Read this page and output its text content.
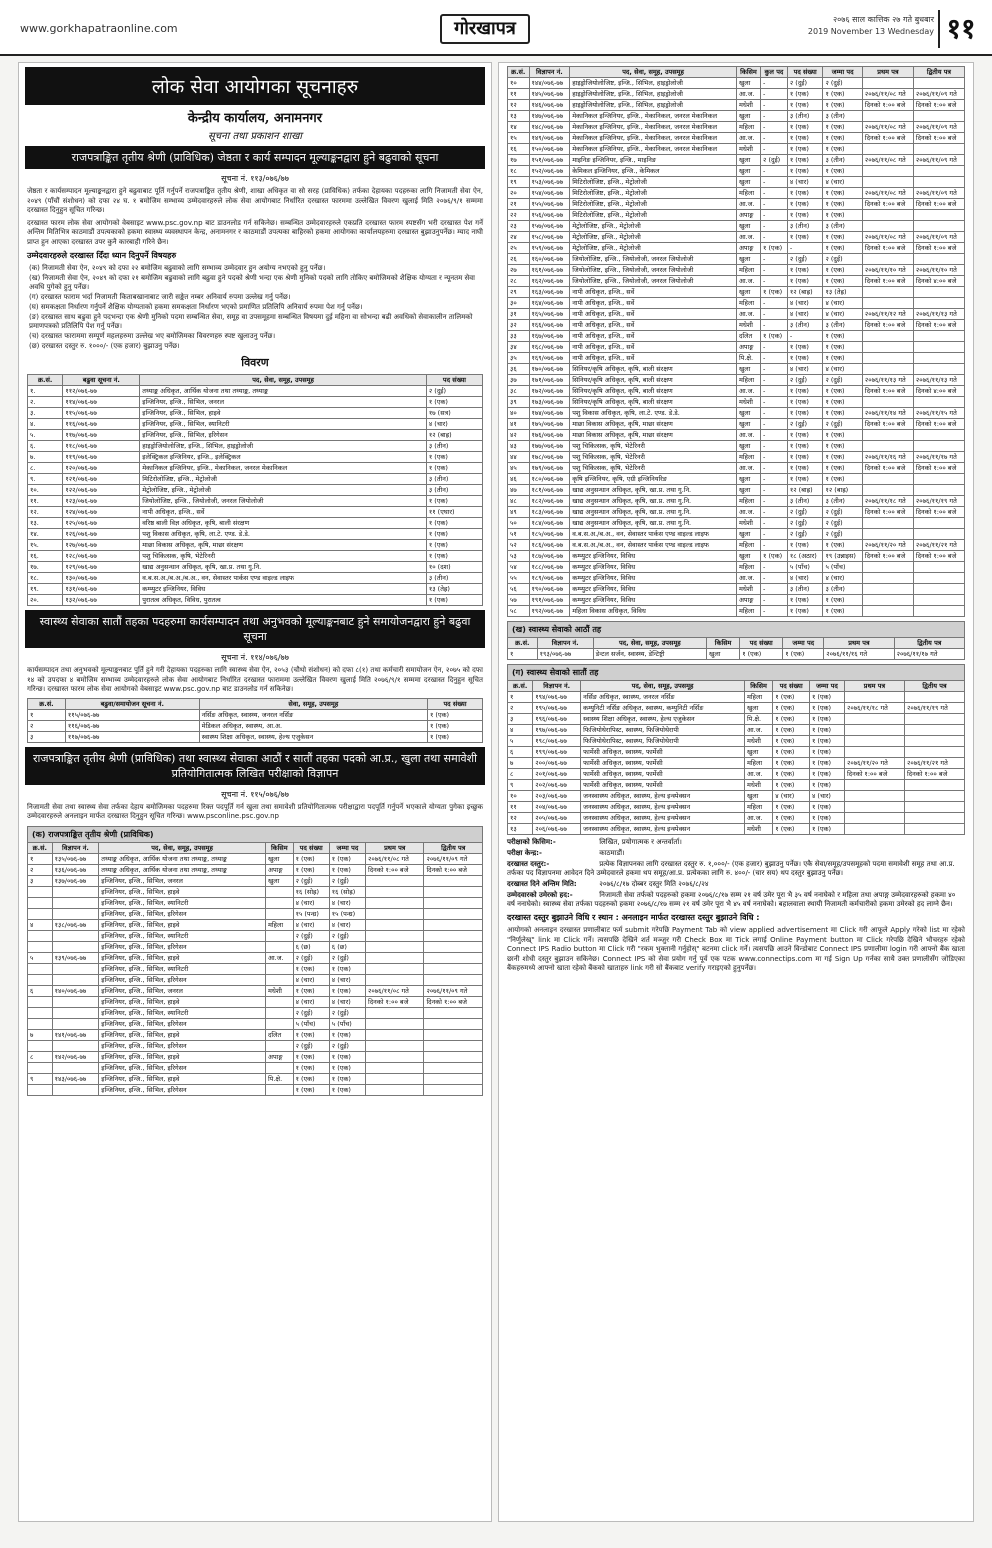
www.gorkhapatraonline.com	गोरखापत्र	२०७६ साल कात्तिक २७ गते बुधबार
2019 November 13 Wednesday ११
लोक सेवा आयोगका सूचनाहरु
केन्द्रीय कार्यालय, अनामनगर
सूचना तथा प्रकाशन शाखा
राजपत्राङ्कित तृतीय श्रेणी (प्राविधिक) जेष्ठता र कार्य सम्पादन मूल्याङ्कनद्वारा हुने बढुवाको सूचना
सूचना नं. ११३/०७६/७७
जेष्ठता र कार्यसम्पादन मूल्याङ्कनद्वारा हुने बढुवाबाट पूर्ति गर्नुपर्ने राजपत्राङ्कित तृतीय श्रेणी, शाखा अधिकृत वा सो सरह (प्राविधिक) तर्फका देहायका पदहरुका लागि निजामती सेवा ऐन, २०४९ (पाँचौं संशोधन) को दफा २४ घ. १ बमोजिम सम्भाव्य उम्मेदवारहरुले लोक सेवा आयोगबाट निर्धारित दरखास्त फारममा उल्लेखित विवरण खुलाई मिति २०७६/९/१ सम्ममा दरखास्त दिनुहुन सूचित गरिन्छ।
दरखास्त फारम लोक सेवा आयोगको वेबसाइट www.psc.gov.np बाट डाउनलोड गर्न सकिनेछ। सम्बन्धित उम्मेदवारहरुले एकप्रति दरखास्त फारम स्पष्टसँग भरी दरखास्त पेश गर्ने अन्तिम मितिभित्र काठमाडौं उपत्यकाको हकमा स्वास्थ्य व्यवस्थापन केन्द्र, अनामनगर र काठमाडौं उपत्यका बाहिरको हकमा आयोगका कार्यालयहरुमा दरखास्त बुझाउनुपर्नेछ। म्याद नाघी प्राप्त हुन आएका दरखास्त उपर कुनै कारबाही गरिने छैन।
उम्मेदवारहरुले दरखास्त दिँदा ध्यान दिनुपर्ने विषयहरु
(क) निजामती सेवा ऐन, २०४९ को दफा २२ बमोजिम बढुवाको लागि सम्भाव्य उम्मेदवार हुन अयोग्य नभएको हुनु पर्नेछ।
(ख) निजामती सेवा ऐन, २०४९ को दफा २१ बमोजिम बढुवाको लागि बढुवा हुने पदको श्रेणी भन्दा एक श्रेणी मुनिको पदको लागि तोकिए बमोजिमको शैक्षिक योग्यता र न्यूनतम सेवा अवधि पुगेको हुनु पर्नेछ।
(ग) दरखास्त फाराम भर्दा निजामती किताबखानाबाट जारी सङ्केत नम्बर अनिवार्य रुपमा उल्लेख गर्नु पर्नेछ।
(घ) समकक्षता निर्धारण गर्नुपर्ने शैक्षिक योग्यताको हकमा समकक्षता निर्धारण भएको प्रमाणित प्रतिलिपि अनिवार्य रुपमा पेश गर्नु पर्नेछ।
(ङ) दरखास्त साथ बढुवा हुने पदभन्दा एक श्रेणी मुनिको पदमा सम्बन्धित सेवा, समूह वा उपसमूहमा सम्बन्धित विषयमा दुई महिना वा सोभन्दा बढी अवधिको सेवाकालीन तालिमको प्रमाणपत्रको प्रतिलिपि पेश गर्नु पर्नेछ।
(च) दरखास्त फाराममा सम्पूर्ण महलहरुमा उल्लेख भए बमोजिमका विवरणहरु स्पष्ट खुलाउनु पर्नेछ।
(छ) दरखास्त दस्तुर रु. १०००/- (एक हजार) बुझाउनु पर्नेछ।
विवरण
क्र.सं.	बढुवा सूचना नं.	पद, सेवा, समूह, उपसमूह	पद संख्या
१.	११२/०७६-७७	तथ्याङ्क अधिकृत, आर्थिक योजना तथा तथ्याङ्क, तथ्याङ्क	२ (दुई)
२.	११४/०७६-७७	इन्जिनियर, इन्जि., सिभिल, जनरल	१ (एक)
३.	११५/०७६-७७	इन्जिनियर, इन्जि., सिभिल, हाइवे	१७ (सत्र)
४.	११६/०७६-७७	इन्जिनियर, इन्जि., सिभिल, स्यानिटरी	४ (चार)
५.	११७/०७६-७७	इन्जिनियर, इन्जि., सिभिल, इरिगेसन	१२ (बाह्र)
६.	११८/०७६-७७	हाइड्रोजियोलोजिष्ट, इन्जि., सिभिल, हाइड्रोलोजी	३ (तीन)
७.	११९/०७६-७७	इलेक्ट्रिकल इन्जिनियर, इन्जि., इलेक्ट्रिकल	१ (एक)
८.	१२०/०७६-७७	मेकानिकल इन्जिनियर, इन्जि., मेकानिकल, जनरल मेकानिकल	१ (एक)
९.	१२१/०७६-७७	मिटिरोलोजिष्ट, इन्जि., मेट्रोलोजी	३ (तीन)
१०.	१२२/०७६-७७	मेट्रोलोजिष्ट, इन्जि., मेट्रोलोजी	३ (तीन)
११.	१२३/०७६-७७	जियोलोजिष्ट, इन्जि., जियोलोजी, जनरल जियोलोजी	१ (एक)
१२.	१२४/०७६-७७	नापी अधिकृत, इन्जि., सर्वे	११ (एघार)
१३.	१२५/०७६-७७	वरिष्ठ बाली विज्ञ अधिकृत, कृषि, बाली संरक्षण	१ (एक)
१४.	१२६/०७६-७७	पशु विकास अधिकृत, कृषि, ला.टे. एण्ड. डे.डे.	१ (एक)
१५.	१२७/०७६-७७	माछा विकास अधिकृत, कृषि, माछा संरक्षण	१ (एक)
१६.	१२८/०७६-७७	पशु चिकित्सक, कृषि, भेटेरिनरी	१ (एक)
१७.	१२९/०७६-७७	खाद्य अनुसन्धान अधिकृत, कृषि, खा.प्र. तथा गु.नि.	१० (दश)
१८.	१३०/०७६-७७	व.ब.स.अ./ब.अ./ब.अ., वन, सेवास्तर पार्कस एण्ड वाइल्ड लाइफ	३ (तीन)
१९.	१३१/०७६-७७	कम्प्युटर इन्जिनियर, विविध	१३ (तेह्र)
२०.	१३२/०७६-७७	पुरातत्व अधिकृत, विविध, पुरातत्व	१ (एक)
स्वास्थ्य सेवाका सातौं तहका पदहरुमा कार्यसम्पादन तथा अनुभवको मूल्याङ्कनबाट हुने समायोजनद्वारा हुने बढुवा सूचना
सूचना नं. ११४/०७६/७७
कार्यसम्पादन तथा अनुभवको मूल्याङ्कनबाट पूर्ति हुने गरी देहायका पदहरुका लागि स्वास्थ्य सेवा ऐन, २०५३ (चौथो संशोधन) को दफा ८(१) तथा कर्मचारी समायोजन ऐन, २०७५ को दफा १४ को उपदफा ४ बमोजिम सम्भाव्य उम्मेदवारहरुले लोक सेवा आयोगबाट निर्धारित दरखास्त फाराममा उल्लेखित विवरण खुलाई मिति २०७६/९/१ सम्ममा दरखास्त दिनुहुन सूचित गरिन्छ। दरखास्त फारम लोक सेवा आयोगको वेबसाइट www.psc.gov.np बाट डाउनलोड गर्न सकिनेछ।
क्र.सं.	बढुवा/समायोजन सूचना नं.	सेवा, समूह, उपसमूह	पद संख्या
१	११५/०७६-७७	नर्सिङ अधिकृत, स्वास्थ्य, जनरल नर्सिङ	१ (एक)
२	११६/०७६-७७	मेडिकल अधिकृत, स्वास्थ्य, आ.अ.	१ (एक)
३	११७/०७६-७७	स्वास्थ्य शिक्षा अधिकृत, स्वास्थ्य, हेल्थ एजुकेसन	१ (एक)
राजपत्राङ्कित तृतीय श्रेणी (प्राविधिक) तथा स्वास्थ्य सेवाका आठौं र सातौं तहका पदको आ.प्र., खुला तथा समावेशी प्रतियोगितात्मक लिखित परीक्षाको विज्ञापन
सूचना नं. ११५/०७६/७७
निजामती सेवा तथा स्वास्थ्य सेवा तर्फका देहाय बमोजिमका पदहरुमा रिक्त पदपूर्ति गर्न खुला तथा समावेशी प्रतियोगितात्मक परीक्षाद्वारा पदपूर्ति गर्नुपर्ने भएकाले योग्यता पुगेका इच्छुक उम्मेदवारहरुले अनलाइन मार्फत दरखास्त दिनुहुन सूचित गरिन्छ। www.psconline.psc.gov.np
(क) राजपत्राङ्कित तृतीय श्रेणी (प्राविधिक)
क्र.सं.	विज्ञापन नं.	पद, सेवा, समूह, उपसमूह	किसिम	पद संख्या	जम्मा पद	प्रथम पत्र	द्वितीय पत्र
१	१३५/०७६-७७	तथ्याङ्क अधिकृत, आर्थिक योजना तथा तथ्याङ्क, तथ्याङ्क	खुला	१ (एक)	१ (एक)	२०७६/११/०८ गते	२०७६/११/०९ गते
२	१३६/०७६-७७	तथ्याङ्क अधिकृत, आर्थिक योजना तथा तथ्याङ्क, तथ्याङ्क	अपाङ्ग	१ (एक)	१ (एक)	दिनको १:०० बजे	दिनको १:०० बजे
३	१३७/०७६-७७	इन्जिनियर, इन्जि., सिभिल, जनरल	खुला	२ (दुई)	२ (दुई)		
		इन्जिनियर, इन्जि., सिभिल, हाइवे		१६ (सोह्र)	१६ (सोह्र)		
		इन्जिनियर, इन्जि., सिभिल, स्यानिटरी		४ (चार)	४ (चार)		
		इन्जिनियर, इन्जि., सिभिल, इरिगेसन		१५ (पन्ध्र)	१५ (पन्ध्र)		
४	१३८/०७६-७७	इन्जिनियर, इन्जि., सिभिल, हाइवे	महिला	४ (चार)	४ (चार)		
		इन्जिनियर, इन्जि., सिभिल, स्यानिटरी		२ (दुई)	२ (दुई)		
		इन्जिनियर, इन्जि., सिभिल, इरिगेसन		६ (छ)	६ (छ)		
५	१३९/०७६-७७	इन्जिनियर, इन्जि., सिभिल, हाइवे	आ.ज.	२ (दुई)	२ (दुई)		
		इन्जिनियर, इन्जि., सिभिल, स्यानिटरी		१ (एक)	१ (एक)		
		इन्जिनियर, इन्जि., सिभिल, इरिगेसन		४ (चार)	४ (चार)		
६	१४०/०७६-७७	इन्जिनियर, इन्जि., सिभिल, जनरल	मधेशी	१ (एक)	१ (एक)	२०७६/११/०८ गते	२०७६/११/०९ गते
		इन्जिनियर, इन्जि., सिभिल, हाइवे		४ (चार)	४ (चार)	दिनको १:०० बजे	दिनको १:०० बजे
		इन्जिनियर, इन्जि., सिभिल, स्यानिटरी		२ (दुई)	२ (दुई)		
		इन्जिनियर, इन्जि., सिभिल, इरिगेसन		५ (पाँच)	५ (पाँच)		
७	१४१/०७६-७७	इन्जिनियर, इन्जि., सिभिल, हाइवे	दलित	१ (एक)	१ (एक)		
		इन्जिनियर, इन्जि., सिभिल, इरिगेसन		२ (दुई)	२ (दुई)		
८	१४२/०७६-७७	इन्जिनियर, इन्जि., सिभिल, हाइवे	अपाङ्ग	१ (एक)	१ (एक)		
		इन्जिनियर, इन्जि., सिभिल, इरिगेसन		१ (एक)	१ (एक)		
९	१४३/०७६-७७	इन्जिनियर, इन्जि., सिभिल, हाइवे	पि.क्षे.	१ (एक)	१ (एक)		
		इन्जिनियर, इन्जि., सिभिल, इरिगेसन		१ (एक)	१ (एक)		
क्र.सं.	विज्ञापन नं.	पद, सेवा, समूह, उपसमूह	किसिम	कुल पद	पद संख्या	जम्मा पद	प्रथम पत्र	द्वितीय पत्र
१०	१४४/०७६-७७	हाइड्रोजियोलोजिष्ट, इन्जि., सिभिल, हाइड्रोलोजी	खुला	-	२ (दुई)	२ (दुई)		
११	१४५/०७६-७७	हाइड्रोजियोलोजिष्ट, इन्जि., सिभिल, हाइड्रोलोजी	आ.ज.	-	१ (एक)	१ (एक)	२०७६/११/०८ गते	२०७६/११/०९ गते
१२	१४६/०७६-७७	हाइड्रोजियोलोजिष्ट, इन्जि., सिभिल, हाइड्रोलोजी	मधेशी	-	१ (एक)	१ (एक)	दिनको १:०० बजे	दिनको १:०० बजे
१३	१४७/०७६-७७	मेकानिकल इन्जिनियर, इन्जि., मेकानिकल, जनरल मेकानिकल	खुला	-	३ (तीन)	३ (तीन)		
१४	१४८/०७६-७७	मेकानिकल इन्जिनियर, इन्जि., मेकानिकल, जनरल मेकानिकल	महिला	-	१ (एक)	१ (एक)	२०७६/११/०८ गते	२०७६/११/०९ गते
१५	१४९/०७६-७७	मेकानिकल इन्जिनियर, इन्जि., मेकानिकल, जनरल मेकानिकल	आ.ज.	-	१ (एक)	१ (एक)	दिनको १:०० बजे	दिनको १:०० बजे
१६	१५०/०७६-७७	मेकानिकल इन्जिनियर, इन्जि., मेकानिकल, जनरल मेकानिकल	मधेशी	-	१ (एक)	१ (एक)		
१७	१५१/०७६-७७	माइनिङ इन्जिनियर, इन्जि., माइनिङ	खुला	२ (दुई)	१ (एक)	३ (तीन)	२०७६/११/०८ गते	२०७६/११/०९ गते
१८	१५२/०७६-७७	केमिकल इन्जिनियर, इन्जि., केमिकल	खुला	-	१ (एक)	१ (एक)		
१९	१५३/०७६-७७	मिटिरोलोजिष्ट, इन्जि., मेट्रोलोजी	खुला	-	४ (चार)	४ (चार)		
२०	१५४/०७६-७७	मिटिरोलोजिष्ट, इन्जि., मेट्रोलोजी	महिला	-	१ (एक)	१ (एक)	२०७६/११/०८ गते	२०७६/११/०९ गते
२१	१५५/०७६-७७	मिटिरोलोजिष्ट, इन्जि., मेट्रोलोजी	आ.ज.	-	१ (एक)	१ (एक)	दिनको १:०० बजे	दिनको १:०० बजे
२२	१५६/०७६-७७	मिटिरोलोजिष्ट, इन्जि., मेट्रोलोजी	अपाङ्ग	-	१ (एक)	१ (एक)		
२३	१५७/०७६-७७	मेट्रोलोजिष्ट, इन्जि., मेट्रोलोजी	खुला	-	३ (तीन)	३ (तीन)		
२४	१५८/०७६-७७	मेट्रोलोजिष्ट, इन्जि., मेट्रोलोजी	आ.ज.	-	१ (एक)	१ (एक)	२०७६/११/०८ गते	२०७६/११/०९ गते
२५	१५९/०७६-७७	मेट्रोलोजिष्ट, इन्जि., मेट्रोलोजी	अपाङ्ग	१ (एक)	-	१ (एक)	दिनको १:०० बजे	दिनको १:०० बजे
२६	१६०/०७६-७७	जियोलोजिष्ट, इन्जि., जियोलोजी, जनरल जियोलोजी	खुला	-	२ (दुई)	२ (दुई)		
२७	१६१/०७६-७७	जियोलोजिष्ट, इन्जि., जियोलोजी, जनरल जियोलोजी	महिला	-	१ (एक)	१ (एक)	२०७६/११/१० गते	२०७६/११/१० गते
२८	१६२/०७६-७७	जियोलोजिष्ट, इन्जि., जियोलोजी, जनरल जियोलोजी	आ.ज.	-	१ (एक)	१ (एक)	दिनको १:०० बजे	दिनको ४:०० बजे
२९	१६३/०७६-७७	नापी अधिकृत, इन्जि., सर्वे	खुला	१ (एक)	१२ (बाह्र)	१३ (तेह्र)		
३०	१६४/०७६-७७	नापी अधिकृत, इन्जि., सर्वे	महिला	-	४ (चार)	४ (चार)		
३१	१६५/०७६-७७	नापी अधिकृत, इन्जि., सर्वे	आ.ज.	-	४ (चार)	४ (चार)	२०७६/११/१२ गते	२०७६/११/१३ गते
३२	१६६/०७६-७७	नापी अधिकृत, इन्जि., सर्वे	मधेशी	-	३ (तीन)	३ (तीन)	दिनको १:०० बजे	दिनको १:०० बजे
३३	१६७/०७६-७७	नापी अधिकृत, इन्जि., सर्वे	दलित	१ (एक)	-	१ (एक)		
३४	१६८/०७६-७७	नापी अधिकृत, इन्जि., सर्वे	अपाङ्ग	-	१ (एक)	१ (एक)		
३५	१६९/०७६-७७	नापी अधिकृत, इन्जि., सर्वे	पि.क्षे.	-	१ (एक)	१ (एक)		
३६	१७०/०७६-७७	सिनियर/कृषि अधिकृत, कृषि, बाली संरक्षण	खुला	-	४ (चार)	४ (चार)		
३७	१७१/०७६-७७	सिनियर/कृषि अधिकृत, कृषि, बाली संरक्षण	महिला	-	२ (दुई)	२ (दुई)	२०७६/११/१३ गते	२०७६/११/१३ गते
३८	१७२/०७६-७७	सिनियर/कृषि अधिकृत, कृषि, बाली संरक्षण	आ.ज.	-	१ (एक)	१ (एक)	दिनको १:०० बजे	दिनको ४:०० बजे
३९	१७३/०७६-७७	सिनियर/कृषि अधिकृत, कृषि, बाली संरक्षण	मधेशी	-	१ (एक)	१ (एक)		
४०	१७४/०७६-७७	पशु विकास अधिकृत, कृषि, ला.टे. एण्ड. डे.डे.	खुला	-	१ (एक)	१ (एक)	२०७६/११/१४ गते	२०७६/११/१५ गते
४१	१७५/०७६-७७	माछा विकास अधिकृत, कृषि, माछा संरक्षण	खुला	-	२ (दुई)	२ (दुई)	दिनको १:०० बजे	दिनको १:०० बजे
४२	१७६/०७६-७७	माछा विकास अधिकृत, कृषि, माछा संरक्षण	आ.ज.	-	१ (एक)	१ (एक)		
४३	१७७/०७६-७७	पशु चिकित्सक, कृषि, भेटेरिनरी	खुला	-	१ (एक)	१ (एक)		
४४	१७८/०७६-७७	पशु चिकित्सक, कृषि, भेटेरिनरी	महिला	-	१ (एक)	१ (एक)	२०७६/११/१६ गते	२०७६/११/१७ गते
४५	१७९/०७६-७७	पशु चिकित्सक, कृषि, भेटेरिनरी	आ.ज.	-	१ (एक)	१ (एक)	दिनको १:०० बजे	दिनको १:०० बजे
४६	१८०/०७६-७७	कृषि इन्जिनियर, कृषि, एग्री इन्जिनियरिङ	खुला	-	१ (एक)	१ (एक)		
४७	१८१/०७६-७७	खाद्य अनुसन्धान अधिकृत, कृषि, खा.प्र. तथा गु.नि.	खुला	-	१२ (बाह्र)	१२ (बाह्र)		
४८	१८२/०७६-७७	खाद्य अनुसन्धान अधिकृत, कृषि, खा.प्र. तथा गु.नि.	महिला	-	३ (तीन)	३ (तीन)	२०७६/११/१८ गते	२०७६/११/१९ गते
४९	१८३/०७६-७७	खाद्य अनुसन्धान अधिकृत, कृषि, खा.प्र. तथा गु.नि.	आ.ज.	-	२ (दुई)	२ (दुई)	दिनको १:०० बजे	दिनको १:०० बजे
५०	१८४/०७६-७७	खाद्य अनुसन्धान अधिकृत, कृषि, खा.प्र. तथा गु.नि.	मधेशी	-	२ (दुई)	२ (दुई)		
५१	१८५/०७६-७७	व.ब.स.अ./ब.अ., वन, सेवास्तर पार्कस एण्ड वाइल्ड लाइफ	खुला	-	२ (दुई)	२ (दुई)		
५२	१८६/०७६-७७	व.ब.स.अ./ब.अ., वन, सेवास्तर पार्कस एण्ड वाइल्ड लाइफ	महिला	-	१ (एक)	१ (एक)	२०७६/११/२० गते	२०७६/११/२१ गते
५३	१८७/०७६-७७	कम्प्युटर इन्जिनियर, विविध	खुला	१ (एक)	१८ (अठार)	१९ (उन्नाइस)	दिनको १:०० बजे	दिनको १:०० बजे
५४	१८८/०७६-७७	कम्प्युटर इन्जिनियर, विविध	महिला	-	५ (पाँच)	५ (पाँच)		
५५	१८९/०७६-७७	कम्प्युटर इन्जिनियर, विविध	आ.ज.	-	४ (चार)	४ (चार)		
५६	१९०/०७६-७७	कम्प्युटर इन्जिनियर, विविध	मधेशी	-	३ (तीन)	३ (तीन)		
५७	१९१/०७६-७७	कम्प्युटर इन्जिनियर, विविध	अपाङ्ग	-	१ (एक)	१ (एक)		
५८	१९२/०७६-७७	महिला विकास अधिकृत, विविध	महिला	-	१ (एक)	१ (एक)		
(ख) स्वास्थ्य सेवाको आठौं तह
क्र.सं.	विज्ञापन नं.	पद, सेवा, समूह, उपसमूह	किसिम	पद संख्या	जम्मा पद	प्रथम पत्र	द्वितीय पत्र
१	१९३/०७६-७७	डेन्टल सर्जन, स्वास्थ्य, डेन्टिष्ट्री	खुला	१ (एक)	१ (एक)	२०७६/११/१६ गते	२०७६/११/१७ गते
(ग) स्वास्थ्य सेवाको सातौं तह
क्र.सं.	विज्ञापन नं.	पद, सेवा, समूह, उपसमूह	किसिम	पद संख्या	जम्मा पद	प्रथम पत्र	द्वितीय पत्र
१	१९४/०७६-७७	नर्सिङ अधिकृत, स्वास्थ्य, जनरल नर्सिङ	महिला	१ (एक)	१ (एक)		
२	१९५/०७६-७७	कम्युनिटी नर्सिङ अधिकृत, स्वास्थ्य, कम्युनिटी नर्सिङ	खुला	१ (एक)	१ (एक)	२०७६/११/१८ गते	२०७६/११/१९ गते
३	१९६/०७६-७७	स्वास्थ्य शिक्षा अधिकृत, स्वास्थ्य, हेल्थ एजुकेसन	पि.क्षे.	१ (एक)	१ (एक)		
४	१९७/०७६-७७	फिजियोथेरापिस्ट, स्वास्थ्य, फिजियोथेरापी	आ.ज.	१ (एक)	१ (एक)		
५	१९८/०७६-७७	फिजियोथेरापिस्ट, स्वास्थ्य, फिजियोथेरापी	मधेशी	१ (एक)	१ (एक)		
६	१९९/०७६-७७	फार्मेसी अधिकृत, स्वास्थ्य, फार्मेसी	खुला	१ (एक)	१ (एक)		
७	२००/०७६-७७	फार्मेसी अधिकृत, स्वास्थ्य, फार्मेसी	महिला	१ (एक)	१ (एक)	२०७६/११/२० गते	२०७६/११/२१ गते
८	२०१/०७६-७७	फार्मेसी अधिकृत, स्वास्थ्य, फार्मेसी	आ.ज.	१ (एक)	१ (एक)	दिनको १:०० बजे	दिनको १:०० बजे
९	२०२/०७६-७७	फार्मेसी अधिकृत, स्वास्थ्य, फार्मेसी	मधेशी	१ (एक)	१ (एक)		
१०	२०३/०७६-७७	जनस्वास्थ्य अधिकृत, स्वास्थ्य, हेल्थ इन्स्पेक्सन	खुला	४ (चार)	४ (चार)		
११	२०४/०७६-७७	जनस्वास्थ्य अधिकृत, स्वास्थ्य, हेल्थ इन्स्पेक्सन	महिला	१ (एक)	१ (एक)		
१२	२०५/०७६-७७	जनस्वास्थ्य अधिकृत, स्वास्थ्य, हेल्थ इन्स्पेक्सन	आ.ज.	१ (एक)	१ (एक)		
१३	२०६/०७६-७७	जनस्वास्थ्य अधिकृत, स्वास्थ्य, हेल्थ इन्स्पेक्सन	मधेशी	१ (एक)	१ (एक)		
परीक्षाको किसिम:-	लिखित, प्रयोगात्मक र अन्तर्वार्ता।
परीक्षा केन्द्र:-	काठमाडौं।
दरखास्त दस्तुर:-	प्रत्येक विज्ञापनका लागि दरखास्त दस्तुर रु. १,०००/- (एक हजार) बुझाउनु पर्नेछ। एकै सेवा/समूह/उपसमूहको पदमा समावेशी समूह तथा आ.प्र. तर्फका पद विज्ञापनमा आवेदन दिने उम्मेदवारले हकमा थप समूह/आ.प्र. प्रत्येकका लागि रु. ४००/- (चार सय) थप दस्तुर बुझाउनु पर्नेछ।
दरखास्त दिने अन्तिम मिति:	२०७६/८/१७ दोब्बर दस्तुर मिति २०७६/८/२४
उम्मेदवारको उमेरको हद:-	निजामती सेवा तर्फको पदहरुको हकमा २०७६/८/१७ सम्म २१ वर्ष उमेर पूरा भै ३५ वर्ष ननाघेको र महिला तथा अपाङ्ग उम्मेदवारहरुको हकमा ४० वर्ष ननाघेको। स्वास्थ्य सेवा तर्फका पदहरुको हकमा २०७६/८/१७ सम्म २१ वर्ष उमेर पूरा भै ४५ वर्ष ननाघेको। बहालवाला स्थायी निजामती कर्मचारीको हकमा उमेरको हद लाग्ने छैन।
दरखास्त दस्तुर बुझाउने विधि र स्थान : अनलाइन मार्फत दरखास्त दस्तुर बुझाउने विधि :
आयोगको अनलाइन दरखास्त प्रणालीबाट फर्म submit गरेपछि Payment Tab को view applied advertisement मा Click गरी आफूले Apply गरेको list मा रहेको "निर्णुलेख्" link मा Click गर्ने। त्यसपछि देखिने शर्त मञ्जुर गरी Check Box मा Tick लगाई Online Payment button मा Click गरेपछि देखिने भौचरहरु रहेको Connect IPS Radio button मा Click गरी "रकम भुक्तानी गर्नुहोस्" बटनमा click गर्ने। त्यसपछि आउने विन्डोबाट Connect IPS प्रणालीमा login गरी आफ्नो बैंक खाता छानी शोधी दस्तुर बुझाउन सकिनेछ। Connect IPS को सेवा प्रयोग गर्नु पूर्व एक पटक www.connectips.com मा गई Sign Up गर्नका साथै उक्त प्रणालीसँग जोडिएका बैंकहरुमध्ये आफ्नो खाता रहेको बैंकको खाताहरु link गरी सो बैंकबाट verify गराइएको हुनुपर्नेछ।
